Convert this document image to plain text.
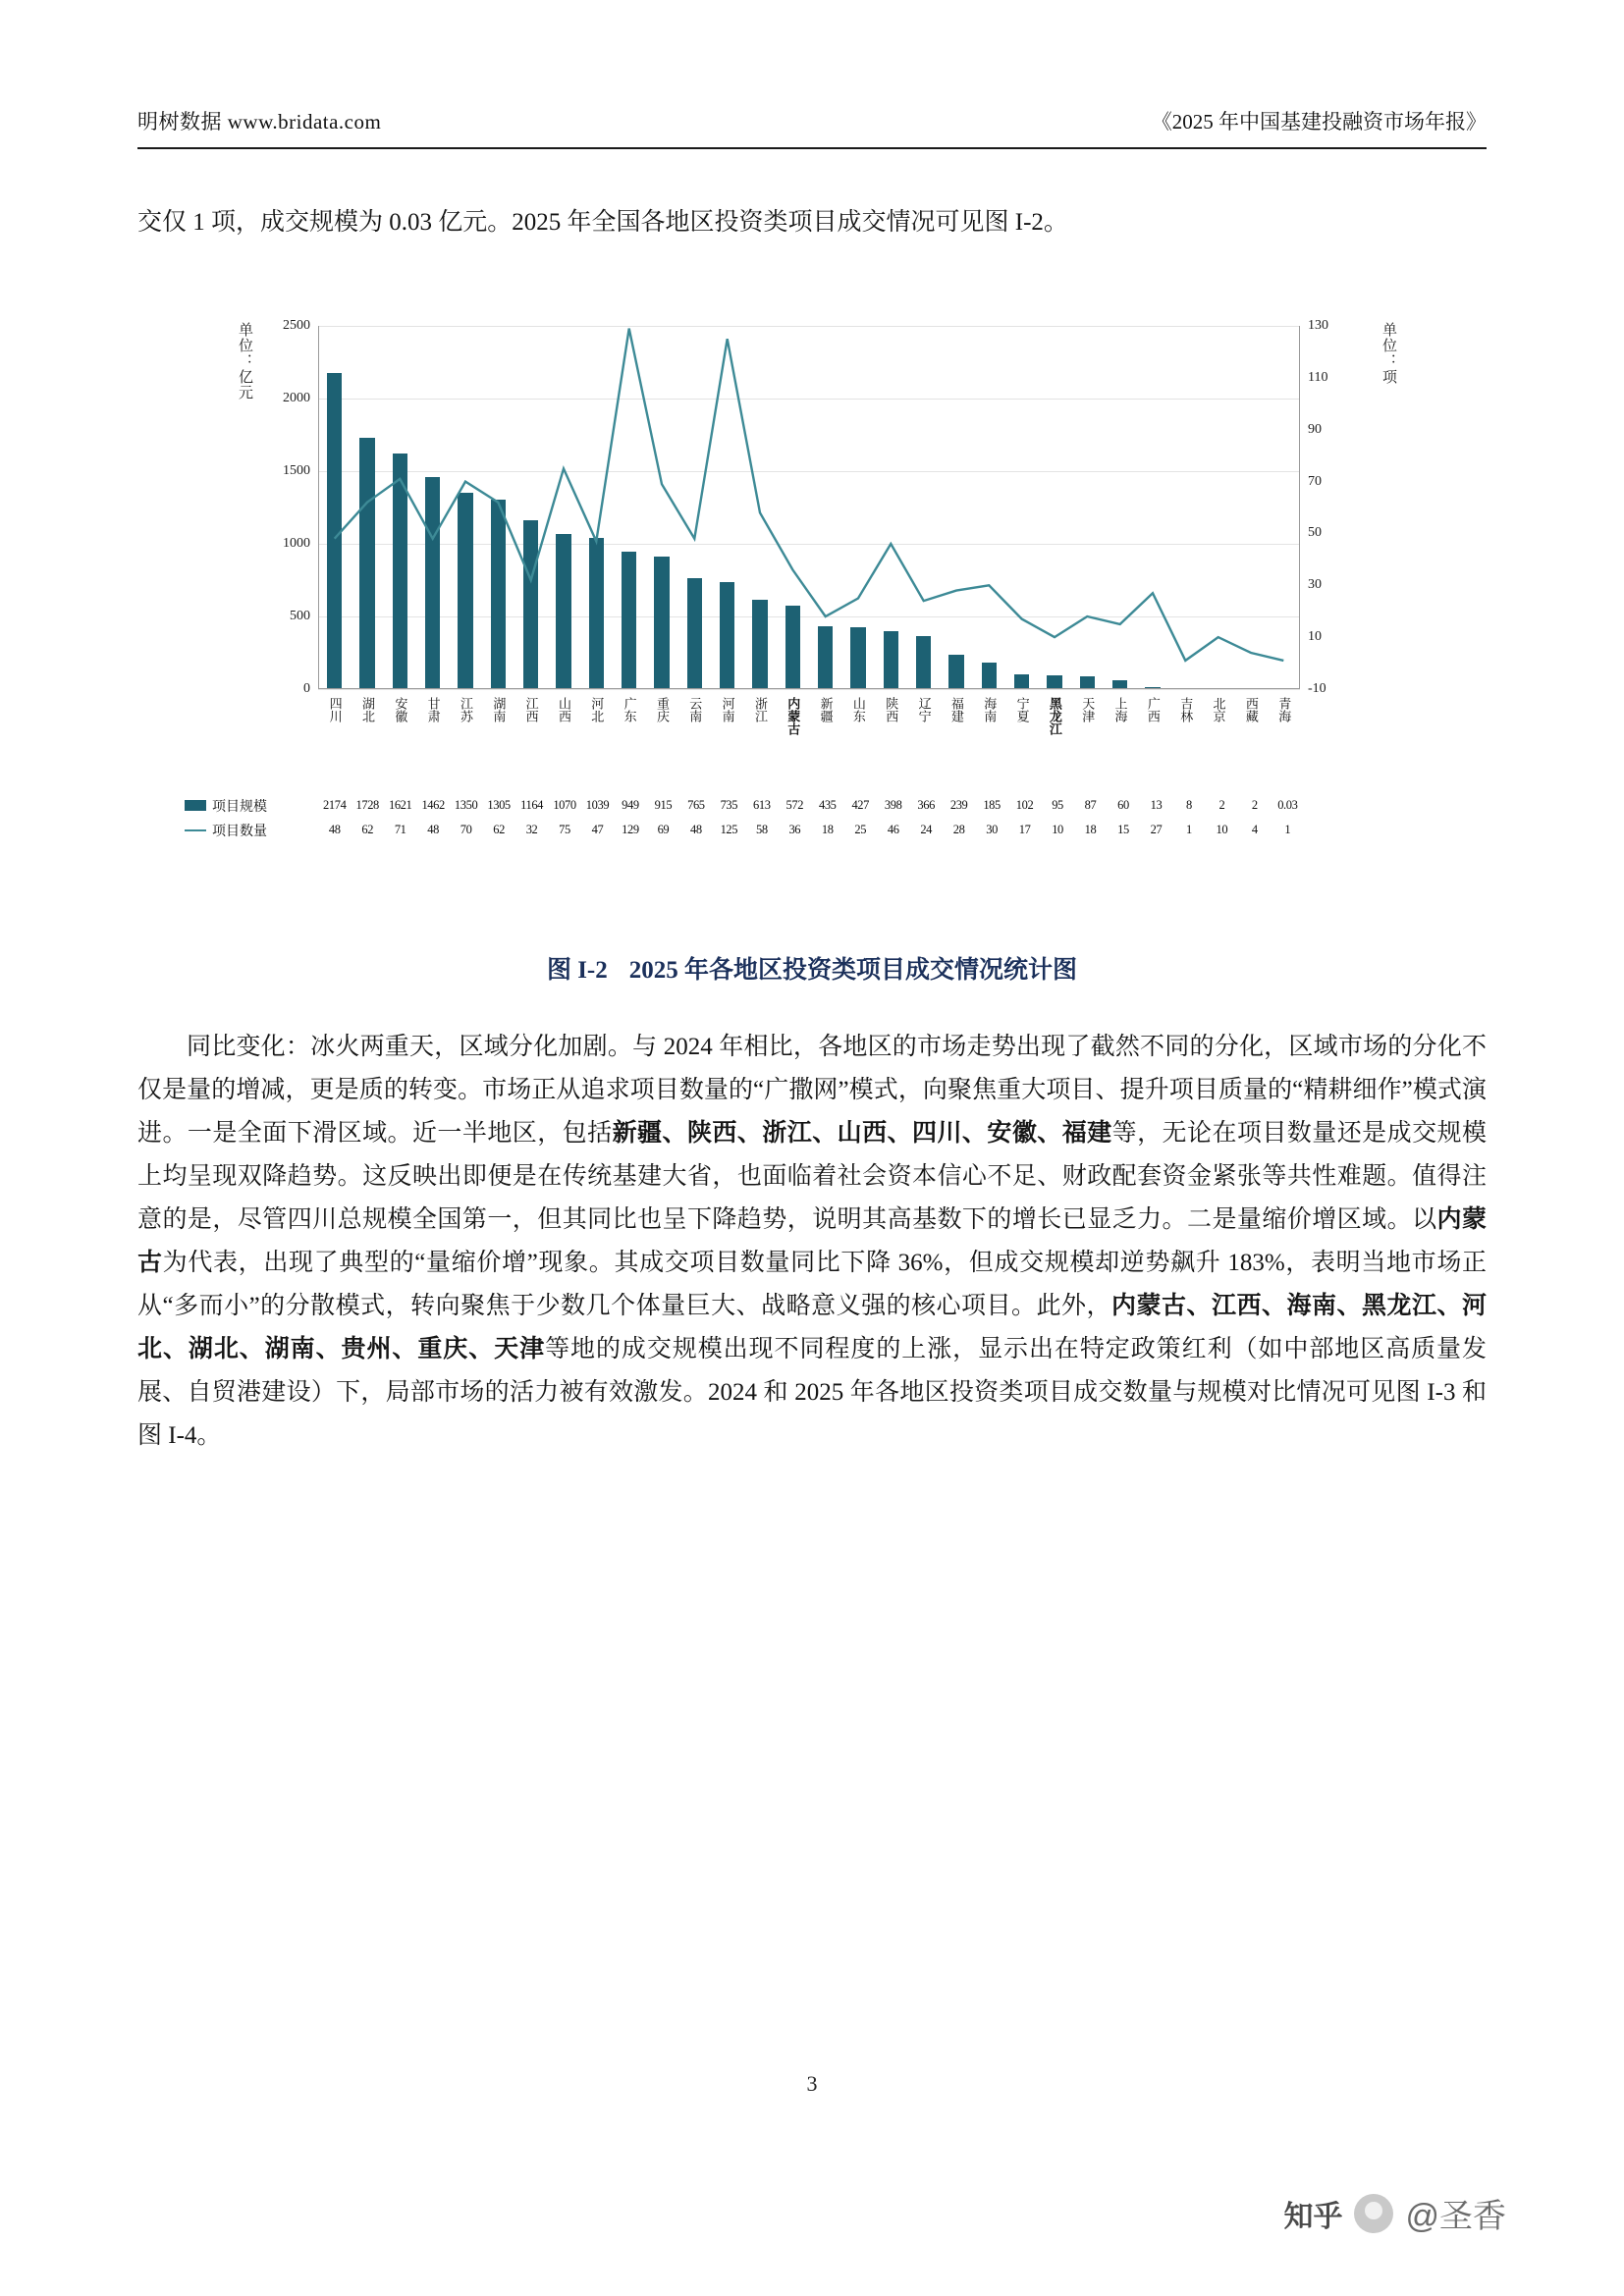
明树数据 www.bridata.com	《2025 年中国基建投融资市场年报》
交仅 1 项，成交规模为 0.03 亿元。2025 年全国各地区投资类项目成交情况可见图 I-2。
单位：亿元	单位：项
0
500
1000
1500
2000
2500
-10
10
30
50
70
90
110
130
四川	湖北	安徽	甘肃	江苏	湖南	江西	山西	河北	广东	重庆	云南	河南	浙江	内蒙古	新疆	山东	陕西	辽宁	福建	海南	宁夏	黑龙江	天津	上海	广西	吉林	北京	西藏	青海
项目规模	2174 1728 1621 1462 1350 1305 1164 1070 1039	949	915	765	735	613	572	435	427	398	366	239	185	102	95	87	60	13	8	2	2	0.03
项目数量	48	62	71	48	70	62	32	75	47	129	69	48	125	58	36	18	25	46	24	28	30	17	10	18	15	27	1	10	4	1
图 I-2 2025 年各地区投资类项目成交情况统计图
同比变化：冰火两重天，区域分化加剧。与 2024 年相比，各地区的市场走势出现了截然不同的分化，区域市场的分化不仅是量的增减，更是质的转变。市场正从追求项目数量的“广撒网”模式，向聚焦重大项目、提升项目质量的“精耕细作”模式演进。一是全面下滑区域。近一半地区，包括新疆、陕西、浙江、山西、四川、安徽、福建等，无论在项目数量还是成交规模上均呈现双降趋势。这反映出即便是在传统基建大省，也面临着社会资本信心不足、财政配套资金紧张等共性难题。值得注意的是，尽管四川总规模全国第一，但其同比也呈下降趋势，说明其高基数下的增长已显乏力。二是量缩价增区域。以内蒙古为代表，出现了典型的“量缩价增”现象。其成交项目数量同比下降 36%，但成交规模却逆势飙升 183%，表明当地市场正从“多而小”的分散模式，转向聚焦于少数几个体量巨大、战略意义强的核心项目。此外，内蒙古、江西、海南、黑龙江、河北、湖北、湖南、贵州、重庆、天津等地的成交规模出现不同程度的上涨，显示出在特定政策红利（如中部地区高质量发展、自贸港建设）下，局部市场的活力被有效激发。2024 和 2025 年各地区投资类项目成交数量与规模对比情况可见图 I-3 和图 I-4。
3
知乎 @圣香
